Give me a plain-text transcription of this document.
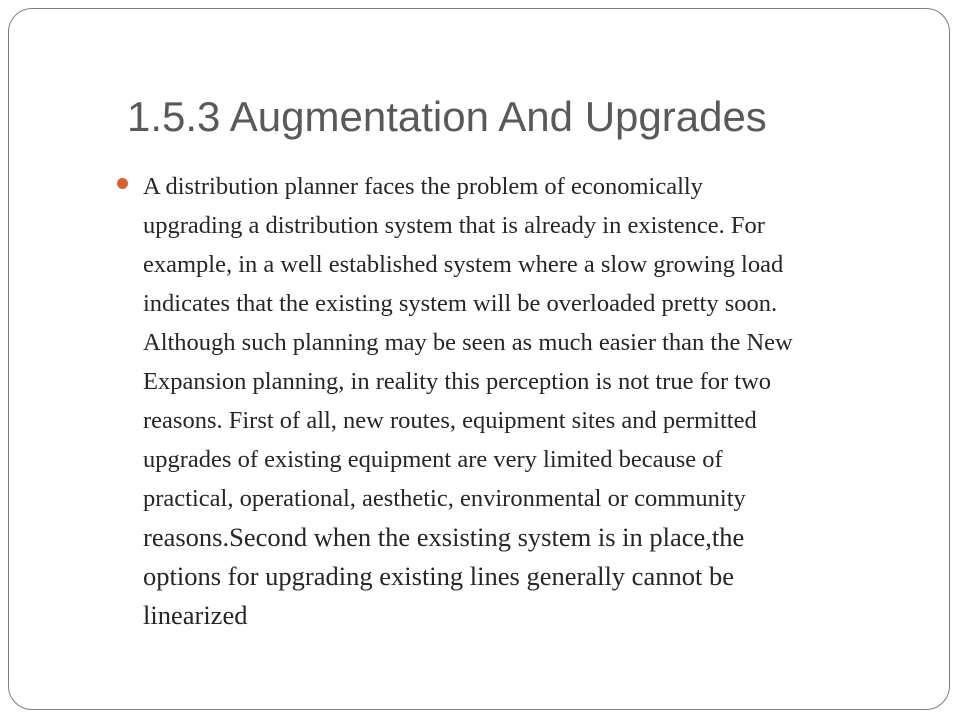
1.5.3 Augmentation And Upgrades
A distribution planner faces the problem of economically
upgrading a distribution system that is already in existence. For
example, in a well established system where a slow growing load
indicates that the existing system will be overloaded pretty soon.
Although such planning may be seen as much easier than the New
Expansion planning, in reality this perception is not true for two
reasons. First of all, new routes, equipment sites and permitted
upgrades of existing equipment are very limited because of
practical, operational, aesthetic, environmental or community
reasons.Second when the exsisting system is in place,the
options for upgrading existing lines generally cannot be
linearized
